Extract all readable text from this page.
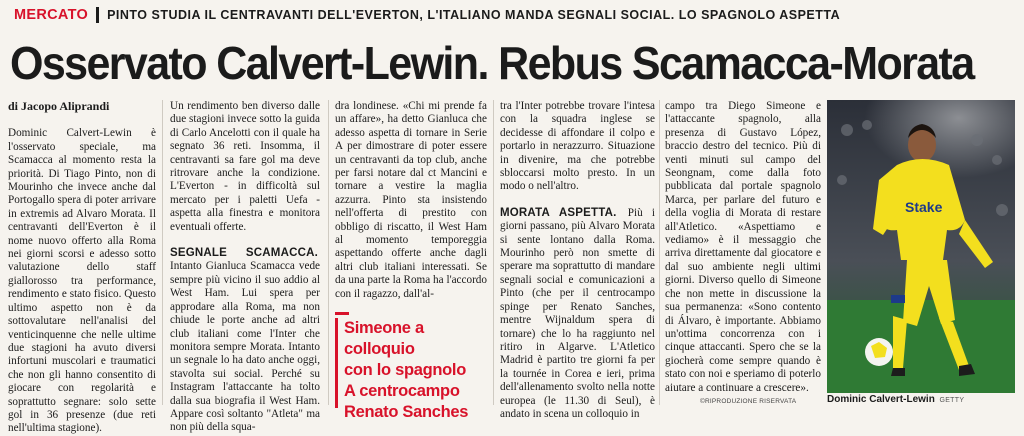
MERCATO	PINTO STUDIA IL CENTRAVANTI DELL'EVERTON, L'ITALIANO MANDA SEGNALI SOCIAL. LO SPAGNOLO ASPETTA
Osservato Calvert-Lewin. Rebus Scamacca-Morata
di Jacopo Aliprandi

Dominic Calvert-Lewin è l'osservato speciale, ma Scamacca al momento resta la priorità. Di Tiago Pinto, non di Mourinho che invece anche dal Portogallo spera di poter arrivare in extremis ad Alvaro Morata. Il centravanti dell'Everton è il nome nuovo offerto alla Roma nei giorni scorsi e adesso sotto valutazione dello staff giallorosso tra performance, rendimento e stato fisico. Questo ultimo aspetto non è da sottovalutare nell'analisi del venticinquenne che nelle ultime due stagioni ha avuto diversi infortuni muscolari e traumatici che non gli hanno consentito di giocare con regolarità e soprattutto segnare: solo sette gol in 36 presenze (due reti nell'ultima stagione).

Un rendimento ben diverso dalle due stagioni invece sotto la guida di Carlo Ancelotti con il quale ha segnato 36 reti. Insomma, il centravanti sa fare gol ma deve ritrovare anche la condizione. L'Everton - in difficoltà sul mercato per i paletti Uefa - aspetta alla finestra e monitora eventuali offerte.

SEGNALE SCAMACCA. Intanto Gianluca Scamacca vede sempre più vicino il suo addio al West Ham. Lui spera per approdare alla Roma, ma non chiude le porte anche ad altri club italiani come l'Inter che monitora sempre Morata. Intanto un segnale lo ha dato anche oggi, stavolta sui social. Perché su Instagram l'attaccante ha tolto dalla sua biografia il West Ham. Appare così soltanto "Atleta" ma non più della squa-

dra londinese. «Chi mi prende fa un affare», ha detto Gianluca che adesso aspetta di tornare in Serie A per dimostrare di poter essere un centravanti da top club, anche per farsi notare dal ct Mancini e tornare a vestire la maglia azzurra. Pinto sta insistendo nell'offerta di prestito con obbligo di riscatto, il West Ham al momento temporeggia aspettando offerte anche dagli altri club italiani interessati. Se da una parte la Roma ha l'accordo con il ragazzo, dall'al-

Simeone a colloquio
con lo spagnolo
A centrocampo
Renato Sanches

tra l'Inter potrebbe trovare l'intesa con la squadra inglese se decidesse di affondare il colpo e portarlo in nerazzurro. Situazione in divenire, ma che potrebbe sbloccarsi molto presto. In un modo o nell'altro.

MORATA ASPETTA. Più i giorni passano, più Alvaro Morata si sente lontano dalla Roma. Mourinho però non smette di sperare ma soprattutto di mandare segnali social e comunicazioni a Pinto (che per il centrocampo spinge per Renato Sanches, mentre Wijnaldum spera di tornare) che lo ha raggiunto nel ritiro in Algarve. L'Atletico Madrid è partito tre giorni fa per la tournée in Corea e ieri, prima dell'allenamento svolto nella notte europea (le 11.30 di Seul), è andato in scena un colloquio in

campo tra Diego Simeone e l'attaccante spagnolo, alla presenza di Gustavo López, braccio destro del tecnico. Più di venti minuti sul campo del Seongnam, come dalla foto pubblicata dal portale spagnolo Marca, per parlare del futuro e della voglia di Morata di restare all'Atletico. «Aspettiamo e vediamo» è il messaggio che arriva direttamente dal giocatore e dal suo ambiente negli ultimi giorni. Diverso quello di Simeone che non mette in discussione la sua permanenza: «Sono contento di Álvaro, è importante. Abbiamo un'ottima concorrenza con i cinque attaccanti. Spero che se la giocherà come sempre quando è stato con noi e speriamo di poterlo aiutare a continuare a crescere».

©RIPRODUZIONE RISERVATA
Stake
Dominic Calvert-Lewin GETTY
